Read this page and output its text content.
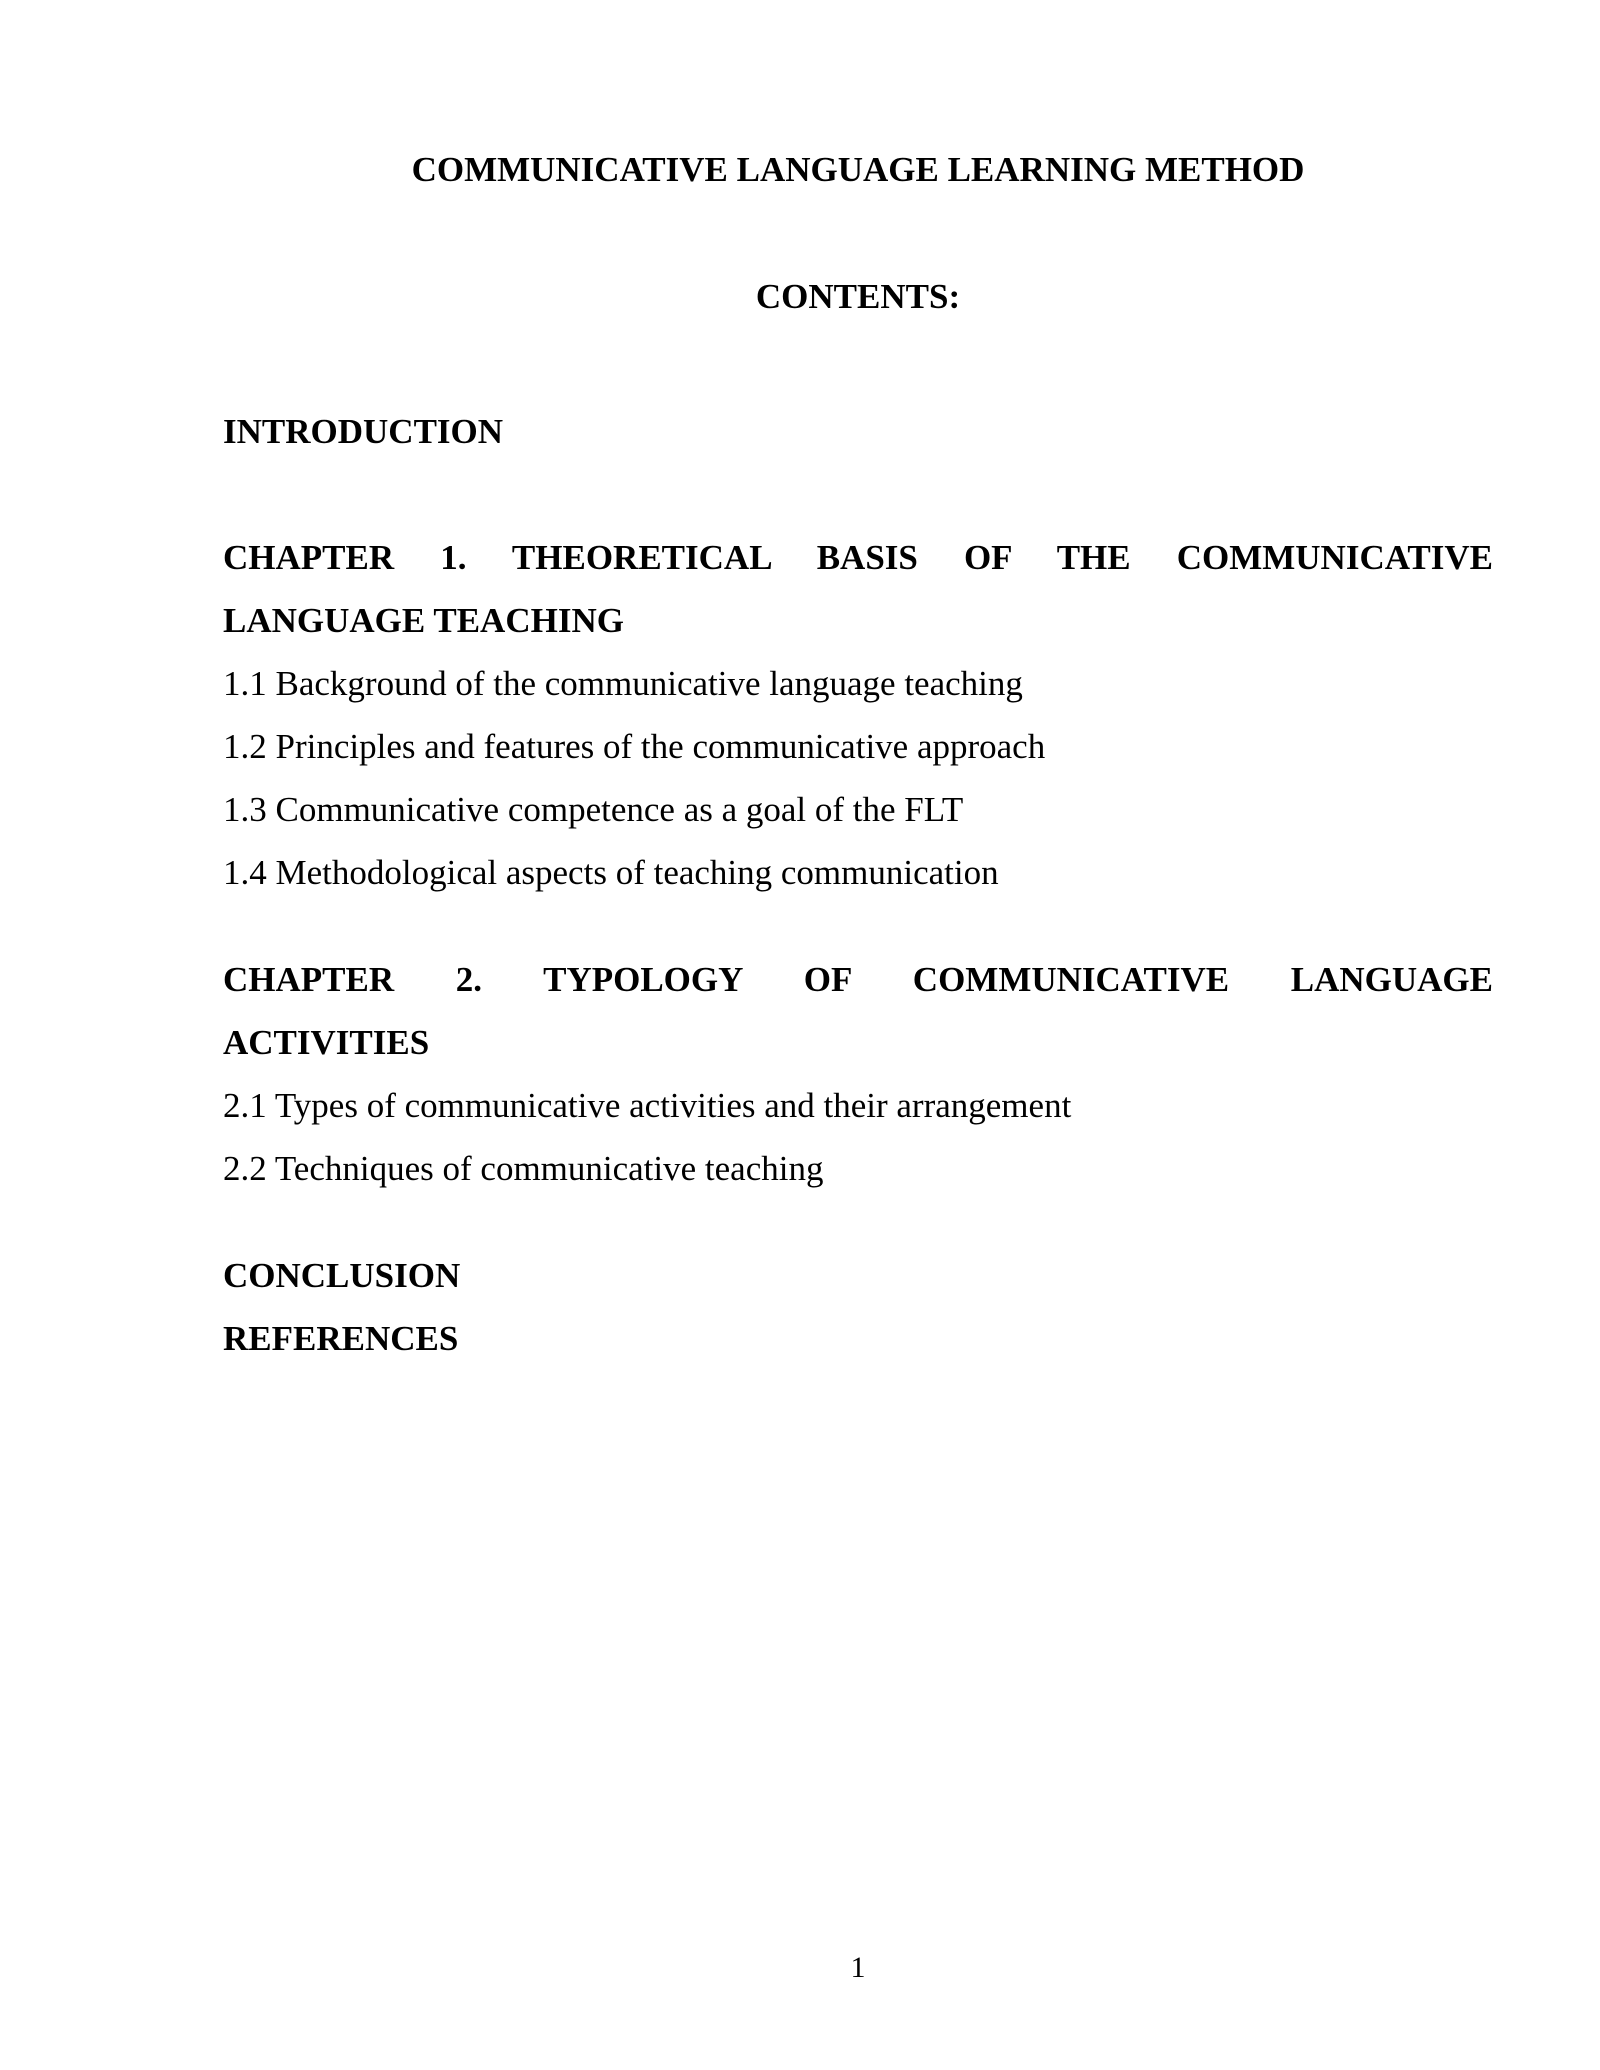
COMMUNICATIVE LANGUAGE LEARNING METHOD
CONTENTS:

INTRODUCTION

CHAPTER 1. THEORETICAL BASIS OF THE COMMUNICATIVE
LANGUAGE TEACHING

1.1 Background of the communicative language teaching

1.2 Principles and features of the communicative approach

1.3 Communicative competence as a goal of the FLT

1.4 Methodological aspects of teaching communication

CHAPTER 2. TYPOLOGY OF COMMUNICATIVE LANGUAGE
ACTIVITIES

2.1 Types of communicative activities and their arrangement

2.2 Techniques of communicative teaching

CONCLUSION

REFERENCES

1
